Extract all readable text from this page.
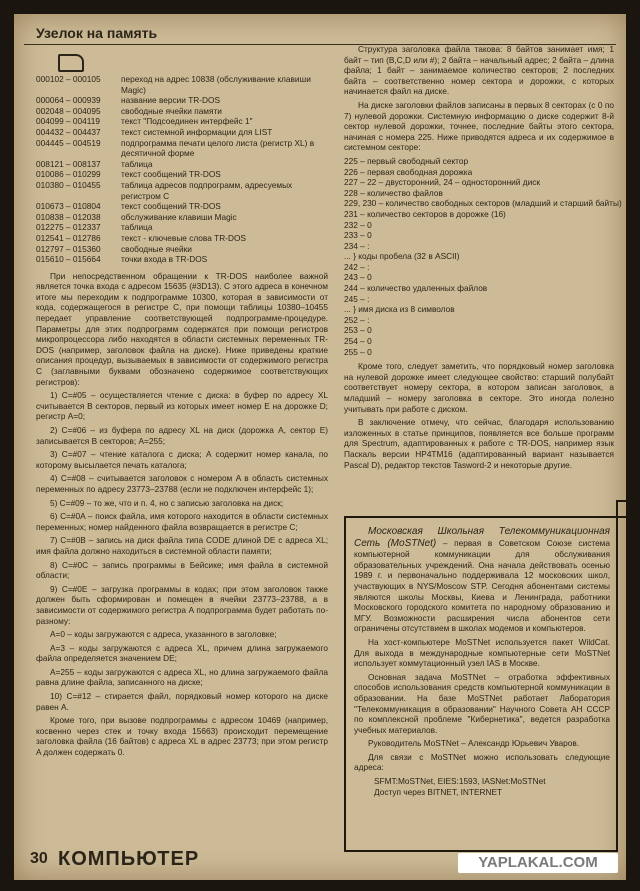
Узелок на память
000102 – 000105	переход на адрес 10838 (обслуживание клавиши Magic)
000064 – 000939	название версии TR-DOS
002048 – 004095	свободные ячейки памяти
004099 – 004119	текст "Подсоединен интерфейс 1"
004432 – 004437	текст системной информации для LIST
004445 – 004519	подпрограмма печати целого листа (регистр XL) в десятичной форме
008121 – 008137	таблица
010086 – 010299	текст сообщений TR-DOS
010380 – 010455	таблица адресов подпрограмм, адресуемых регистром C
010673 – 010804	текст сообщений TR-DOS
010838 – 012038	обслуживание клавиши Magic
012275 – 012337	таблица
012541 – 012786	текст - ключевые слова TR-DOS
012797 – 015360	свободные ячейки
015610 – 015664	точки входа в TR-DOS

При непосредственном обращении к TR-DOS наиболее важной является точка входа с адресом 15635 (#3D13). С этого адреса в конечном итоге мы переходим к подпрограмме 10300, которая в зависимости от кода, содержащегося в регистре C, при помощи таблицы 10380–10455 передает управление соответствующей подпрограмме-процедуре. Параметры для этих подпрограмм содержатся при помощи регистров микропроцессора либо находятся в области системных переменных TR-DOS (например, заголовок файла на диске). Ниже приведены краткие описания процедур, вызываемых в зависимости от содержимого регистра C (заглавными буквами обозначено содержимое соответствующих регистров):

1) C=#05 – осуществляется чтение с диска: в буфер по адресу XL считывается B секторов, первый из которых имеет номер E на дорожке D; регистр A=0;

2) C=#06 – из буфера по адресу XL на диск (дорожка A, сектор E) записывается B секторов; A=255;

3) C=#07 – чтение каталога с диска; A содержит номер канала, по которому высылается печать каталога;

4) C=#08 – считывается заголовок с номером A в область системных переменных по адресу 23773–23788 (если не подключен интерфейс 1);

5) C=#09 – то же, что и п. 4, но с записью заголовка на диск;

6) C=#0A – поиск файла, имя которого находится в области системных переменных; номер найденного файла возвращается в регистре C;

7) C=#0B – запись на диск файла типа CODE длиной DE с адреса XL; имя файла должно находиться в системной области памяти;

8) C=#0C – запись программы в Бейсике; имя файла в системной области;

9) C=#0E – загрузка программы в кодах; при этом заголовок также должен быть сформирован и помещен в ячейки 23773–23788, а в зависимости от содержимого регистра A подпрограмма будет работать по-разному:

A=0 – коды загружаются с адреса, указанного в заголовке;

A=3 – коды загружаются с адреса XL, причем длина загружаемого файла определяется значением DE;

A=255 – коды загружаются с адреса XL, но длина загружаемого файла равна длине файла, записанного на диске;

10) C=#12 – стирается файл, порядковый номер которого на диске равен A.

Кроме того, при вызове подпрограммы с адресом 10469 (например, косвенно через стек и точку входа 15663) происходит перемещение заголовка файла (16 байтов) с адреса XL в адрес 23773; при этом регистр A должен содержать 0.

Структура заголовка файла такова: 8 байтов занимает имя; 1 байт – тип (B,C,D или #); 2 байта – начальный адрес; 2 байта – длина файла; 1 байт – занимаемое количество секторов; 2 последних байта – соответственно номер сектора и дорожки, с которых начинается файл на диске.

На диске заголовки файлов записаны в первых 8 секторах (с 0 по 7) нулевой дорожки. Системную информацию о диске содержит 8-й сектор нулевой дорожки, точнее, последние байты этого сектора, начиная с номера 225. Ниже приводятся адреса и их содержимое в системном секторе:

225 – первый свободный сектор
226 – первая свободная дорожка
227 – 22 – двусторонний, 24 – односторонний диск
228 – количество файлов
229, 230 – количество свободных секторов (младший и старший байты)
231 – количество секторов в дорожке (16)
232 – 0
233 – 0
234 – :
... } коды пробела (32 в ASCII)
242 – :
243 – 0
244 – количество удаленных файлов
245 – :
... } имя диска из 8 символов
252 – :
253 – 0
254 – 0
255 – 0

Кроме того, следует заметить, что порядковый номер заголовка на нулевой дорожке имеет следующее свойство: старший полубайт соответствует номеру сектора, в котором записан заголовок, а младший – номеру заголовка в секторе. Это иногда полезно учитывать при работе с диском.

В заключение отмечу, что сейчас, благодаря использованию изложенных в статье принципов, появляется все больше программ для Spectrum, адаптированных к работе с TR-DOS, например язык Паскаль версии HP4TM16 (адаптированный вариант называется Pascal D), редактор текстов Tasword-2 и некоторые другие.

Московская Школьная Телекоммуникационная Сеть (MoSTNet) – первая в Советском Союзе система компьютерной коммуникации для обслуживания образовательных учреждений. Она начала действовать осенью 1989 г. и первоначально поддерживала 12 московских школ, участвующих в NYS/Moscow STP. Сегодня абонентами системы являются школы Москвы, Киева и Ленинграда, работники Московского городского комитета по народному образованию и МГУ. Возможности расширения числа абонентов сети ограничены отсутствием в школах модемов и компьютеров.

На хост-компьютере MoSTNet используется пакет WildCat. Для выхода в международные компьютерные сети MoSTNet использует коммутационный узел IAS в Москве.

Основная задача MoSTNet – отработка эффективных способов использования средств компьютерной коммуникации в образовании. На базе MoSTNet работает Лаборатория "Телекоммуникация в образовании" Научного Совета АН СССР по комплексной проблеме "Кибернетика", ведется разработка учебных материалов.

Руководитель MoSTNet – Александр Юрьевич Уваров.

Для связи с MoSTNet можно использовать следующие адреса:

SFMT:MoSTNet, EIES:1593, IASNet:MoSTNet
Доступ через BITNET, INTERNET
30 КОМПЬЮТЕР	YAPLAKAL.COM
